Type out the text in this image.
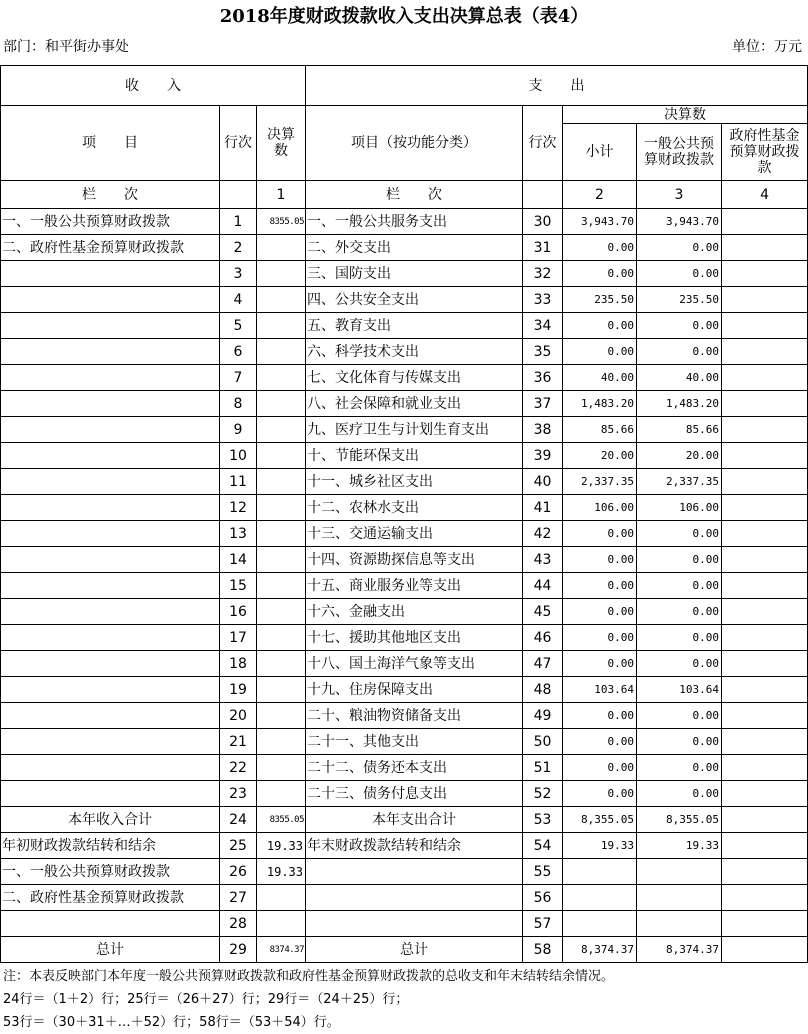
2018年度财政拨款收入支出决算总表（表4）
部门：和平街办事处	单位：万元
收　　入			支　　出				
项　　目	行次	决算数	项目（按功能分类）	行次	决算数		
					小计	一般公共预算财政拨款	政府性基金预算财政拨款
栏　　次		1	栏　　次		2	3	4
一、一般公共预算财政拨款	1	8355.05	一、一般公共服务支出	30	3,943.70	3,943.70	
二、政府性基金预算财政拨款	2		二、外交支出	31	0.00	0.00	
	3		三、国防支出	32	0.00	0.00	
	4		四、公共安全支出	33	235.50	235.50	
	5		五、教育支出	34	0.00	0.00	
	6		六、科学技术支出	35	0.00	0.00	
	7		七、文化体育与传媒支出	36	40.00	40.00	
	8		八、社会保障和就业支出	37	1,483.20	1,483.20	
	9		九、医疗卫生与计划生育支出	38	85.66	85.66	
	10		十、节能环保支出	39	20.00	20.00	
	11		十一、城乡社区支出	40	2,337.35	2,337.35	
	12		十二、农林水支出	41	106.00	106.00	
	13		十三、交通运输支出	42	0.00	0.00	
	14		十四、资源勘探信息等支出	43	0.00	0.00	
	15		十五、商业服务业等支出	44	0.00	0.00	
	16		十六、金融支出	45	0.00	0.00	
	17		十七、援助其他地区支出	46	0.00	0.00	
	18		十八、国土海洋气象等支出	47	0.00	0.00	
	19		十九、住房保障支出	48	103.64	103.64	
	20		二十、粮油物资储备支出	49	0.00	0.00	
	21		二十一、其他支出	50	0.00	0.00	
	22		二十二、债务还本支出	51	0.00	0.00	
	23		二十三、债务付息支出	52	0.00	0.00	
本年收入合计	24	8355.05	本年支出合计	53	8,355.05	8,355.05	
年初财政拨款结转和结余	25	19.33	年末财政拨款结转和结余	54	19.33	19.33	
一、一般公共预算财政拨款	26	19.33		55			
二、政府性基金预算财政拨款	27			56			
	28			57			
总计	29	8374.37	总计	58	8,374.37	8,374.37	
注：本表反映部门本年度一般公共预算财政拨款和政府性基金预算财政拨款的总收支和年末结转结余情况。
24行＝（1＋2）行；25行＝（26＋27）行；29行＝（24＋25）行；
53行＝（30＋31＋…＋52）行；58行＝（53＋54）行。
